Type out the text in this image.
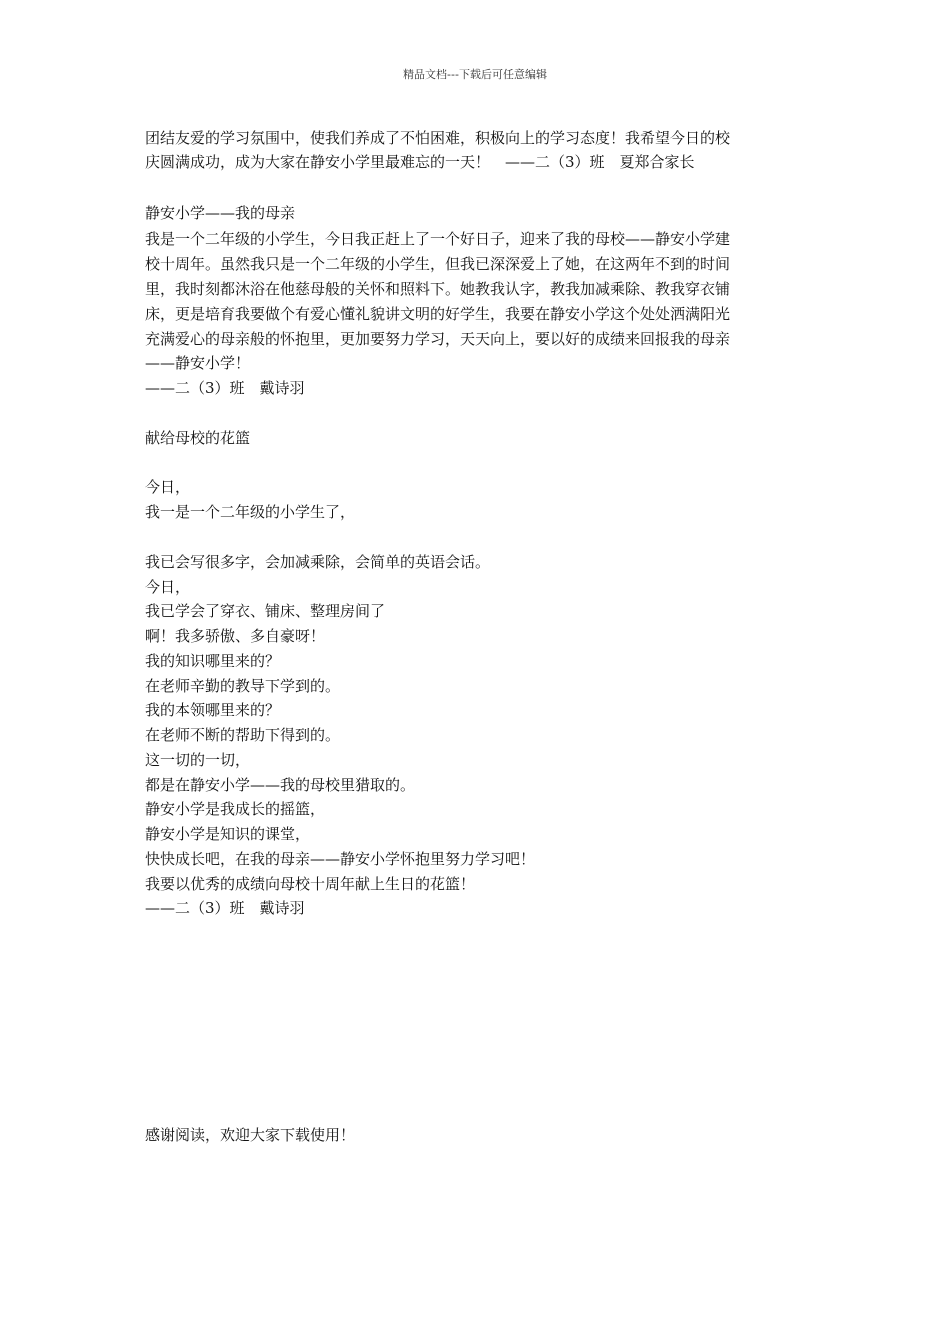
精品文档---下载后可任意编辑
团结友爱的学习氛围中，使我们养成了不怕困难，积极向上的学习态度！我希望今日的校
庆圆满成功，成为大家在静安小学里最难忘的一天！　——二（3）班　夏郑合家长
静安小学——我的母亲
我是一个二年级的小学生，今日我正赶上了一个好日子，迎来了我的母校——静安小学建
校十周年。虽然我只是一个二年级的小学生，但我已深深爱上了她，在这两年不到的时间
里，我时刻都沐浴在他慈母般的关怀和照料下。她教我认字，教我加减乘除、教我穿衣铺
床，更是培育我要做个有爱心懂礼貌讲文明的好学生，我要在静安小学这个处处洒满阳光
充满爱心的母亲般的怀抱里，更加要努力学习，天天向上，要以好的成绩来回报我的母亲
——静安小学！
——二（3）班　戴诗羽
献给母校的花篮
今日，
我一是一个二年级的小学生了，
我已会写很多字，会加减乘除，会简单的英语会话。
今日，
我已学会了穿衣、铺床、整理房间了
啊！我多骄傲、多自豪呀！
我的知识哪里来的？
在老师辛勤的教导下学到的。
我的本领哪里来的？
在老师不断的帮助下得到的。
这一切的一切，
都是在静安小学——我的母校里猎取的。
静安小学是我成长的摇篮，
静安小学是知识的课堂，
快快成长吧，在我的母亲——静安小学怀抱里努力学习吧！
我要以优秀的成绩向母校十周年献上生日的花篮！
——二（3）班　戴诗羽
感谢阅读，欢迎大家下载使用！
